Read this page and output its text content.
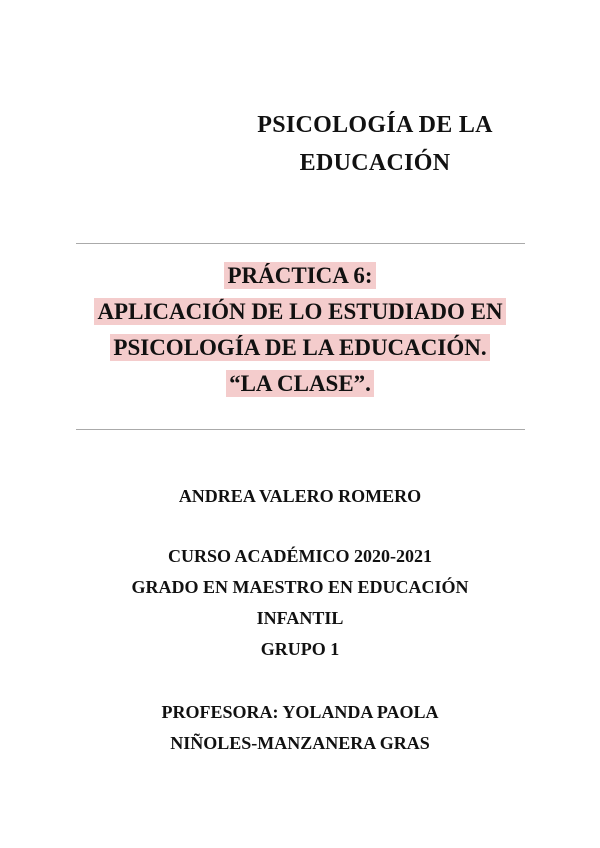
PSICOLOGÍA DE LA
EDUCACIÓN
PRÁCTICA 6:
APLICACIÓN DE LO ESTUDIADO EN
PSICOLOGÍA DE LA EDUCACIÓN.
“LA CLASE”.
ANDREA VALERO ROMERO
CURSO ACADÉMICO 2020-2021
GRADO EN MAESTRO EN EDUCACIÓN
INFANTIL
GRUPO 1
PROFESORA: YOLANDA PAOLA
NIÑOLES-MANZANERA GRAS
